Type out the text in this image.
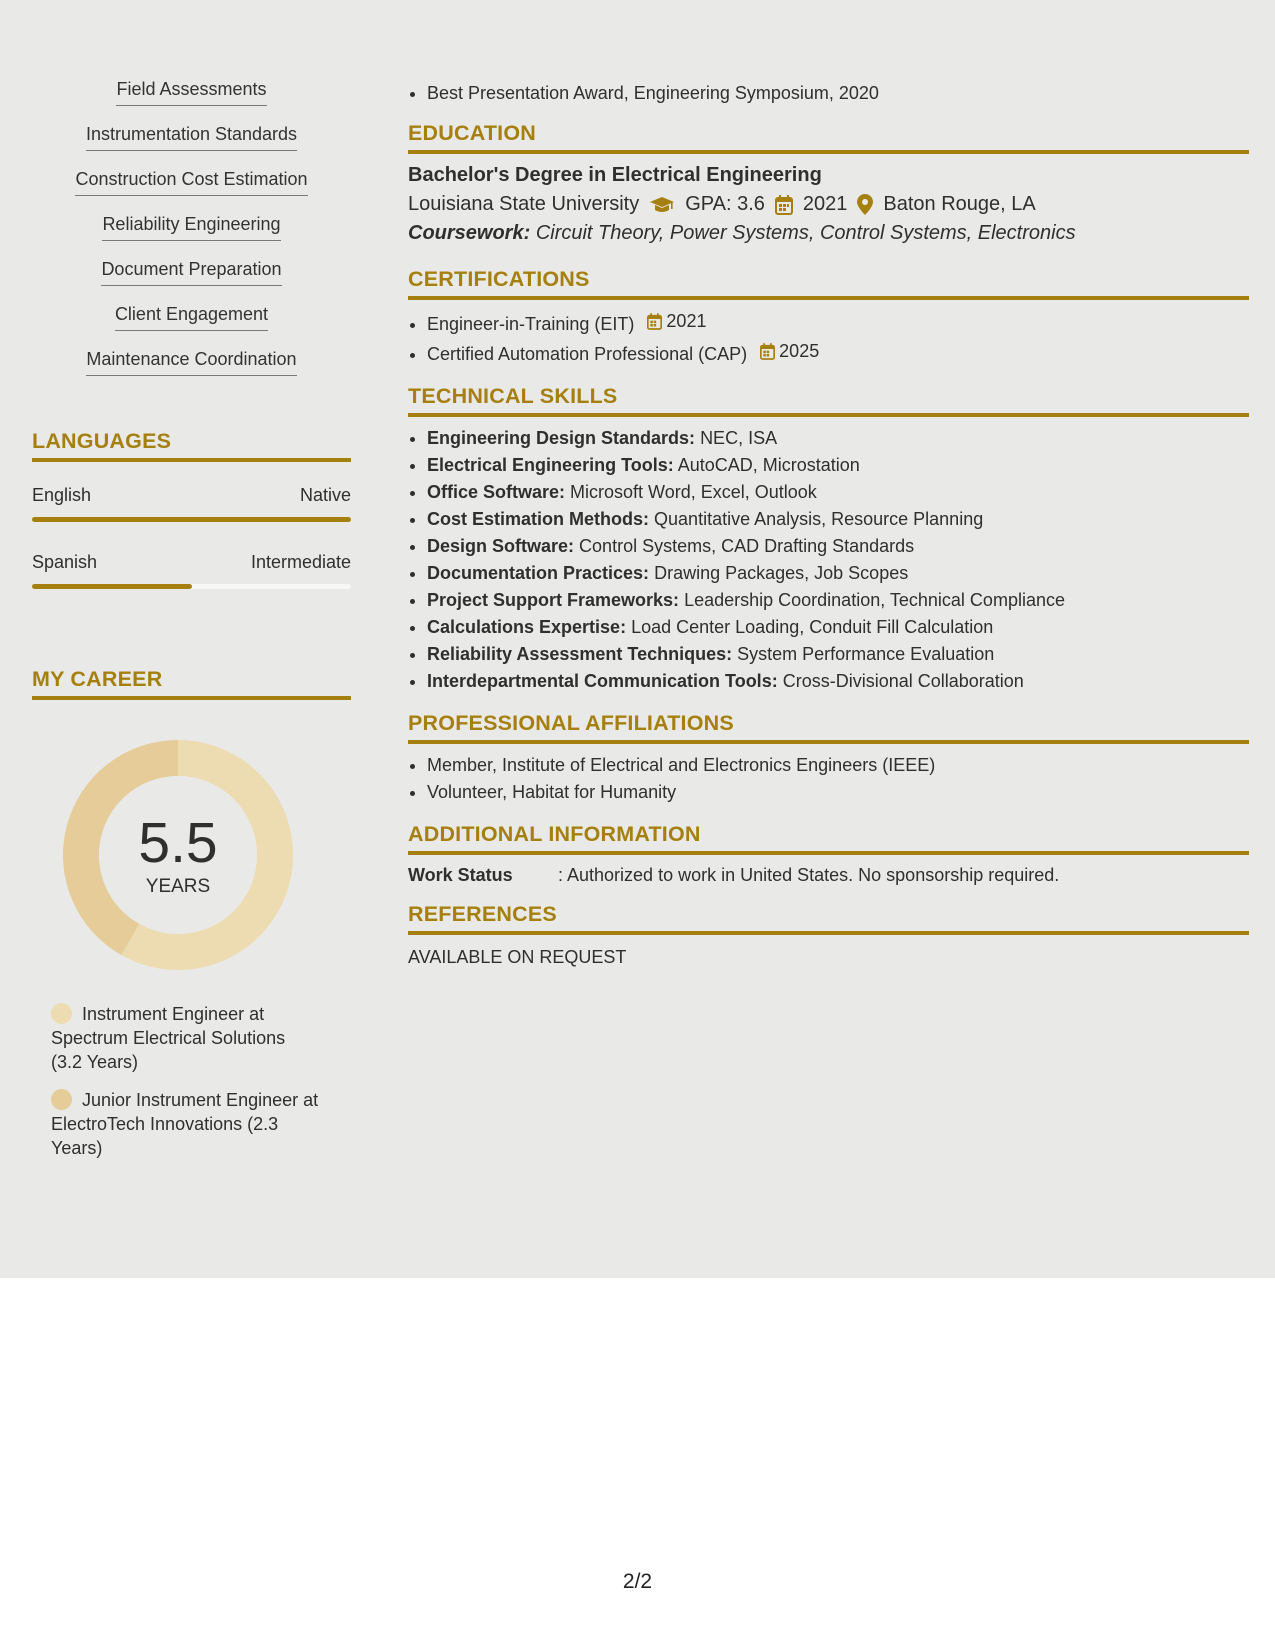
Field Assessments
Instrumentation Standards
Construction Cost Estimation
Reliability Engineering
Document Preparation
Client Engagement
Maintenance Coordination
LANGUAGES
English	Native
Spanish	Intermediate
MY CAREER
5.5
YEARS
Instrument Engineer at Spectrum Electrical Solutions (3.2 Years)
Junior Instrument Engineer at ElectroTech Innovations (2.3 Years)
• Best Presentation Award, Engineering Symposium, 2020
EDUCATION
Bachelor's Degree in Electrical Engineering
Louisiana State University GPA: 3.6 2021 Baton Rouge, LA
Coursework: Circuit Theory, Power Systems, Control Systems, Electronics
CERTIFICATIONS
• Engineer-in-Training (EIT) 2021
• Certified Automation Professional (CAP) 2025
TECHNICAL SKILLS
• Engineering Design Standards: NEC, ISA
• Electrical Engineering Tools: AutoCAD, Microstation
• Office Software: Microsoft Word, Excel, Outlook
• Cost Estimation Methods: Quantitative Analysis, Resource Planning
• Design Software: Control Systems, CAD Drafting Standards
• Documentation Practices: Drawing Packages, Job Scopes
• Project Support Frameworks: Leadership Coordination, Technical Compliance
• Calculations Expertise: Load Center Loading, Conduit Fill Calculation
• Reliability Assessment Techniques: System Performance Evaluation
• Interdepartmental Communication Tools: Cross-Divisional Collaboration
PROFESSIONAL AFFILIATIONS
• Member, Institute of Electrical and Electronics Engineers (IEEE)
• Volunteer, Habitat for Humanity
ADDITIONAL INFORMATION
Work Status	: Authorized to work in United States. No sponsorship required.
REFERENCES
AVAILABLE ON REQUEST
2/2
